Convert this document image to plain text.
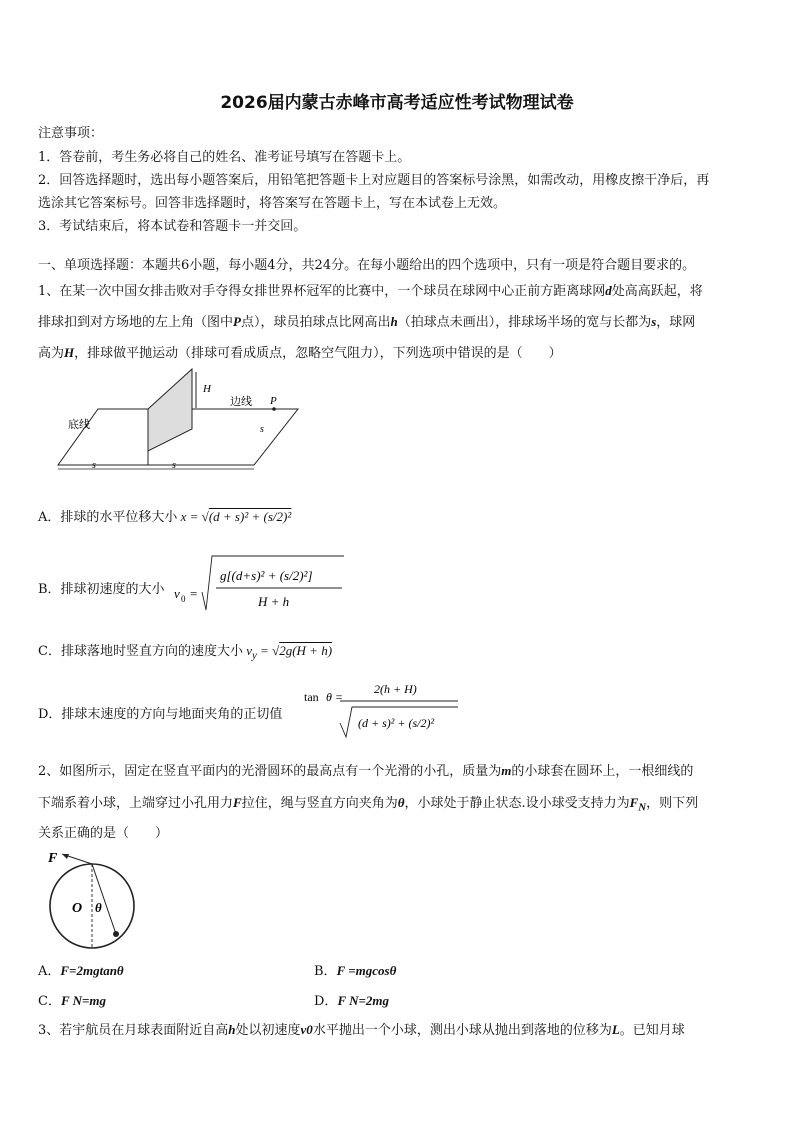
2026届内蒙古赤峰市高考适应性考试物理试卷
注意事项：
1．答卷前，考生务必将自己的姓名、准考证号填写在答题卡上。
2．回答选择题时，选出每小题答案后，用铅笔把答题卡上对应题目的答案标号涂黑，如需改动，用橡皮擦干净后，再
选涂其它答案标号。回答非选择题时，将答案写在答题卡上，写在本试卷上无效。
3．考试结束后，将本试卷和答题卡一并交回。
一、单项选择题：本题共6小题，每小题4分，共24分。在每小题给出的四个选项中，只有一项是符合题目要求的。
1、在某一次中国女排击败对手夺得女排世界杯冠军的比赛中，一个球员在球网中心正前方距离球网d处高高跃起，将
排球扣到对方场地的左上角（图中P点），球员拍球点比网高出h（拍球点未画出），排球场半场的宽与长都为s，球网
高为H，排球做平抛运动（排球可看成质点，忽略空气阻力），下列选项中错误的是（　　）
H
边线
底线
P
s	s
s
A．排球的水平位移大小 x = √(d + s)² + (s/2)²
B．排球初速度的大小 v 0 =
g[(d+s)² + (s/2)²]
H + h
C．排球落地时竖直方向的速度大小 $v_y = √2g(H + h)$
D．排球末速度的方向与地面夹角的正切值
tan θ =
2(h + H)
(d + s)² + (s/2)²
2、如图所示，固定在竖直平面内的光滑圆环的最高点有一个光滑的小孔，质量为m的小球套在圆环上，一根细线的
下端系着小球，上端穿过小孔用力F拉住，绳与竖直方向夹角为θ，小球处于静止状态.设小球受支持力为$F_N$，则下列
关系正确的是（　　）
F
O θ
A．F=2mgtanθ	B．F =mgcosθ
C．F N=mg	D．F N=2mg
3、若宇航员在月球表面附近自高h处以初速度v0水平抛出一个小球，测出小球从抛出到落地的位移为L。已知月球
